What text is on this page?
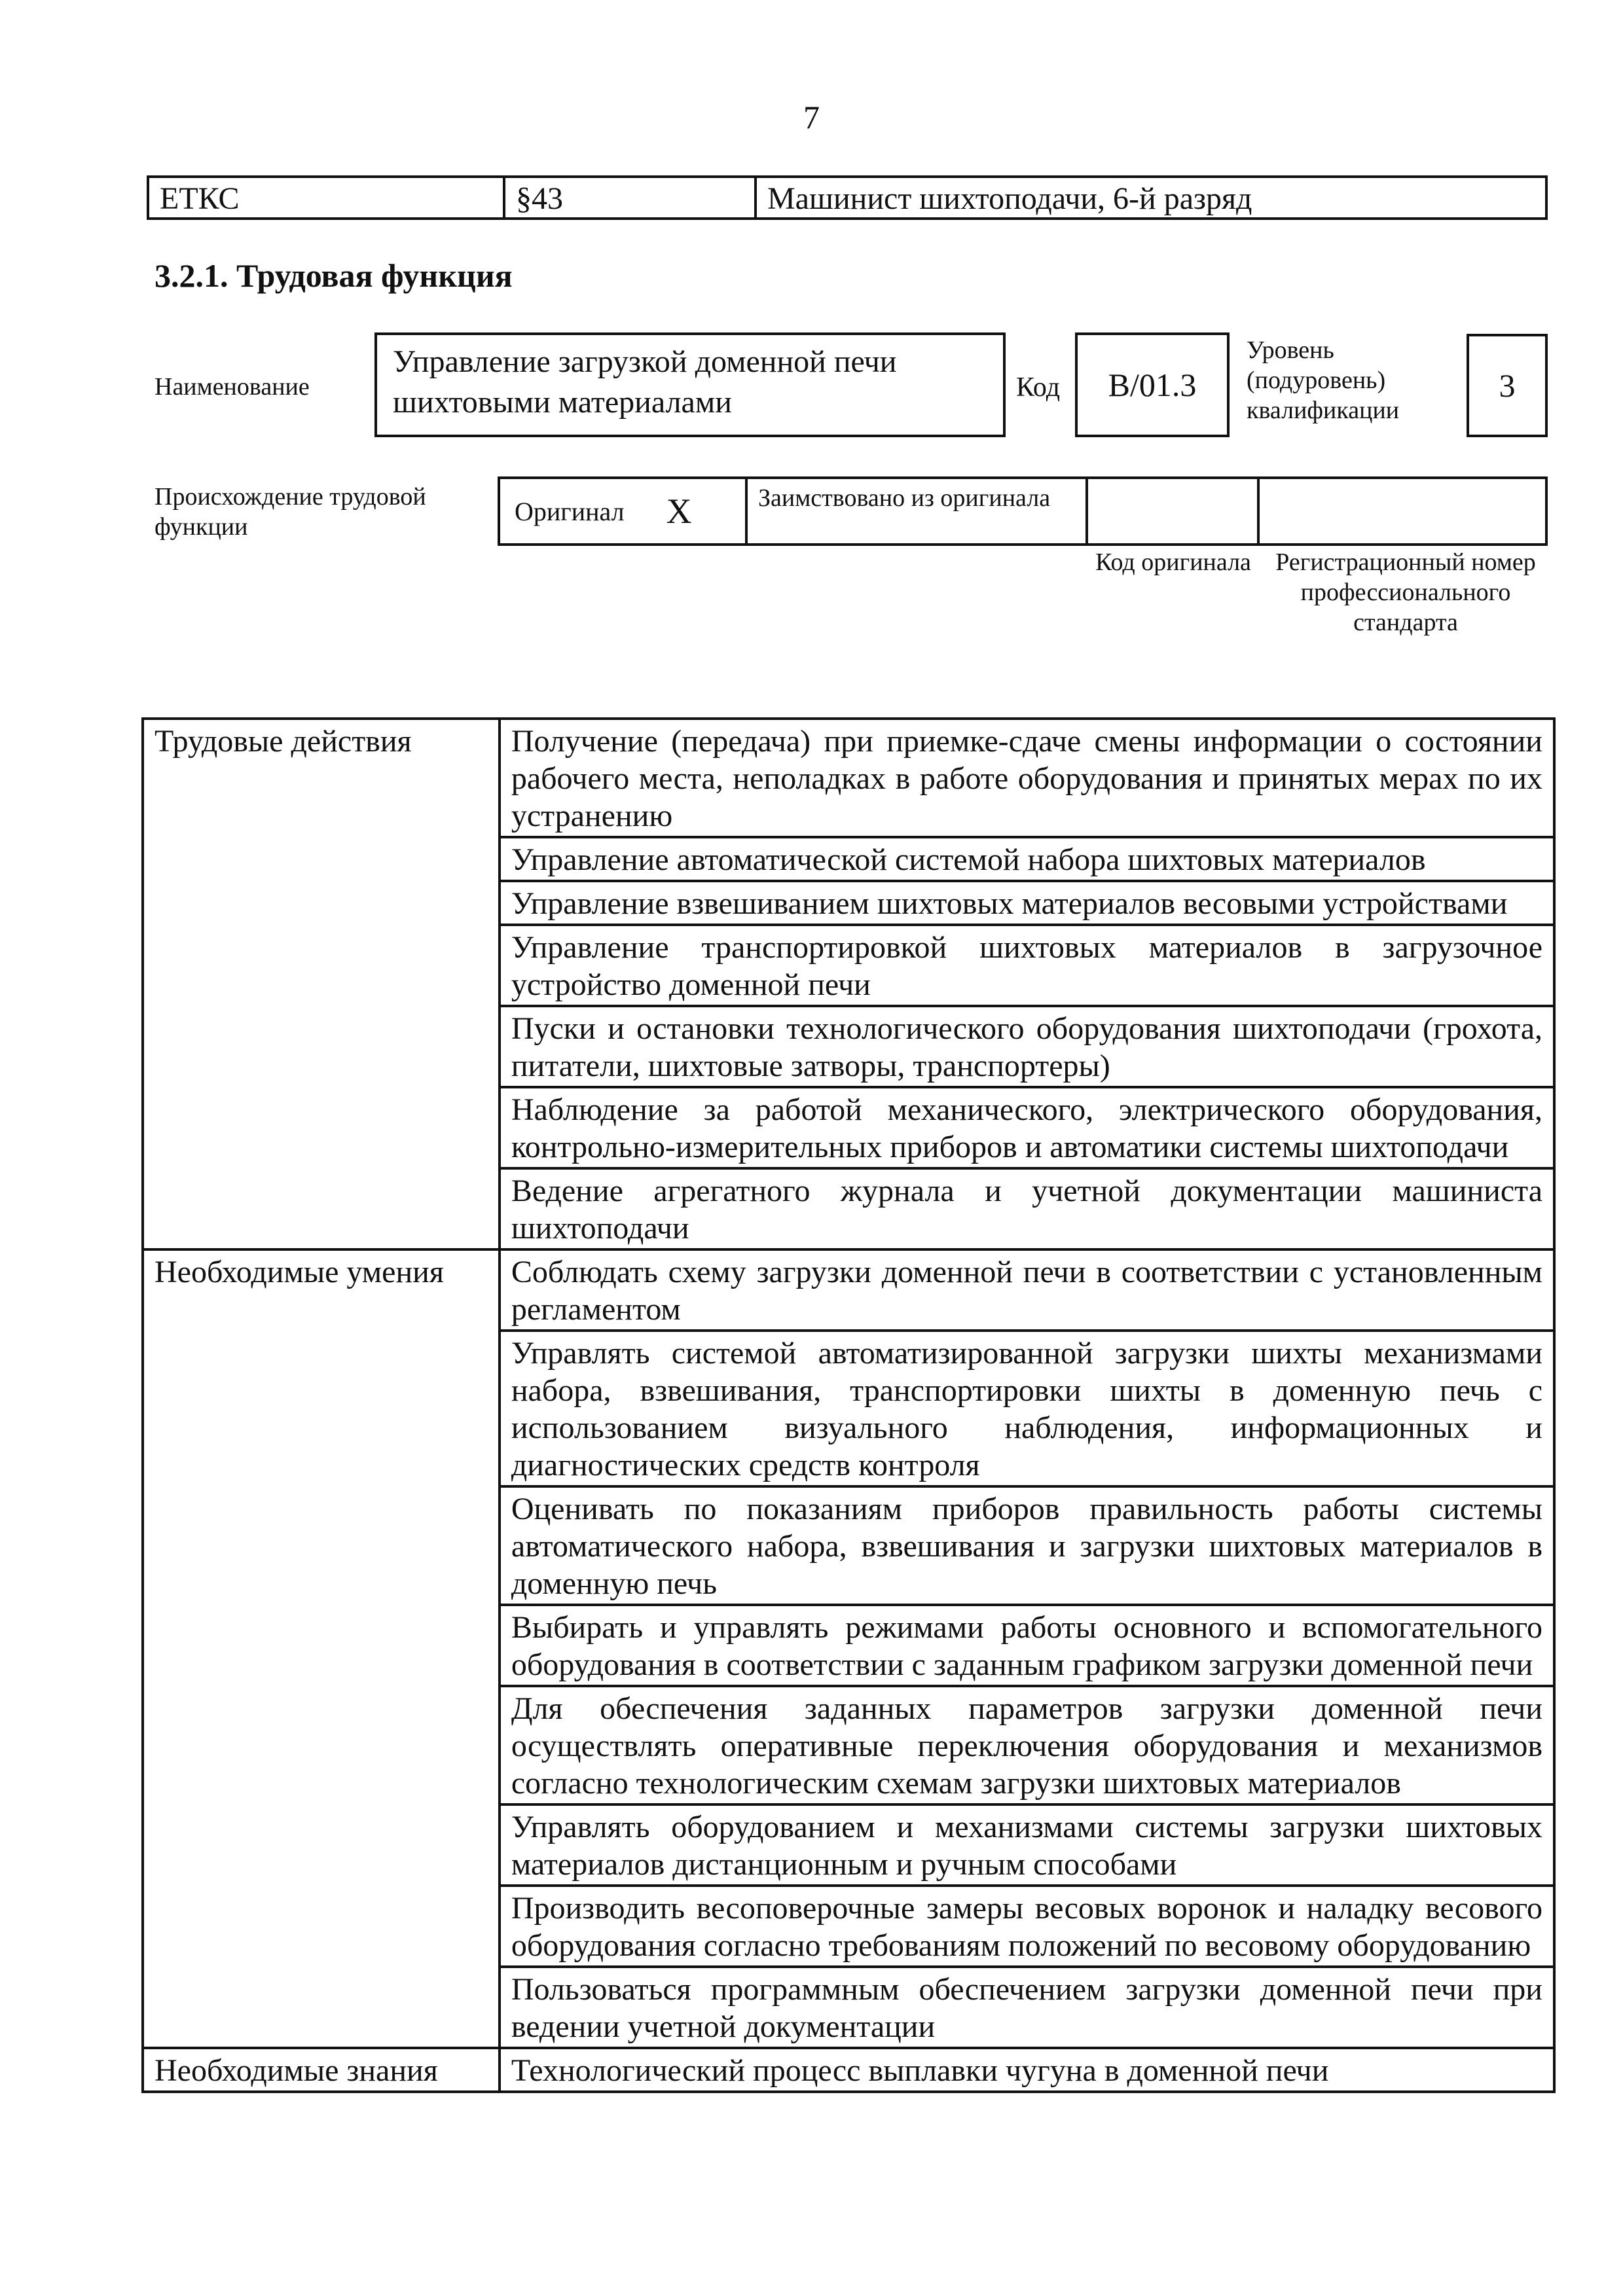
7
ЕТКС	§43	Машинист шихтоподачи, 6-й разряд
3.2.1. Трудовая функция
Наименование
Управление загрузкой доменной печи шихтовыми материалами	Код	B/01.3
Уровень (подуровень) квалификации
3
Происхождение трудовой функции
Оригинал X	Заимствовано из оригинала
Код оригинала Регистрационный номер профессионального стандарта
Трудовые действия	Получение (передача) при приемке-сдаче смены информации о состоянии рабочего места, неполадках в работе оборудования и принятых мерах по их устранению
	Управление автоматической системой набора шихтовых материалов
	Управление взвешиванием шихтовых материалов весовыми устройствами
	Управление транспортировкой шихтовых материалов в загрузочное устройство доменной печи
	Пуски и остановки технологического оборудования шихтоподачи (грохота, питатели, шихтовые затворы, транспортеры)
	Наблюдение за работой механического, электрического оборудования, контрольно-измерительных приборов и автоматики системы шихтоподачи
	Ведение агрегатного журнала и учетной документации машиниста шихтоподачи
Необходимые умения	Соблюдать схему загрузки доменной печи в соответствии с установленным регламентом
	Управлять системой автоматизированной загрузки шихты механизмами набора, взвешивания, транспортировки шихты в доменную печь с использованием визуального наблюдения, информационных и диагностических средств контроля
	Оценивать по показаниям приборов правильность работы системы автоматического набора, взвешивания и загрузки шихтовых материалов в доменную печь
	Выбирать и управлять режимами работы основного и вспомогательного оборудования в соответствии с заданным графиком загрузки доменной печи
	Для обеспечения заданных параметров загрузки доменной печи осуществлять оперативные переключения оборудования и механизмов согласно технологическим схемам загрузки шихтовых материалов
	Управлять оборудованием и механизмами системы загрузки шихтовых материалов дистанционным и ручным способами
	Производить весоповерочные замеры весовых воронок и наладку весового оборудования согласно требованиям положений по весовому оборудованию
	Пользоваться программным обеспечением загрузки доменной печи при ведении учетной документации
Необходимые знания	Технологический процесс выплавки чугуна в доменной печи
